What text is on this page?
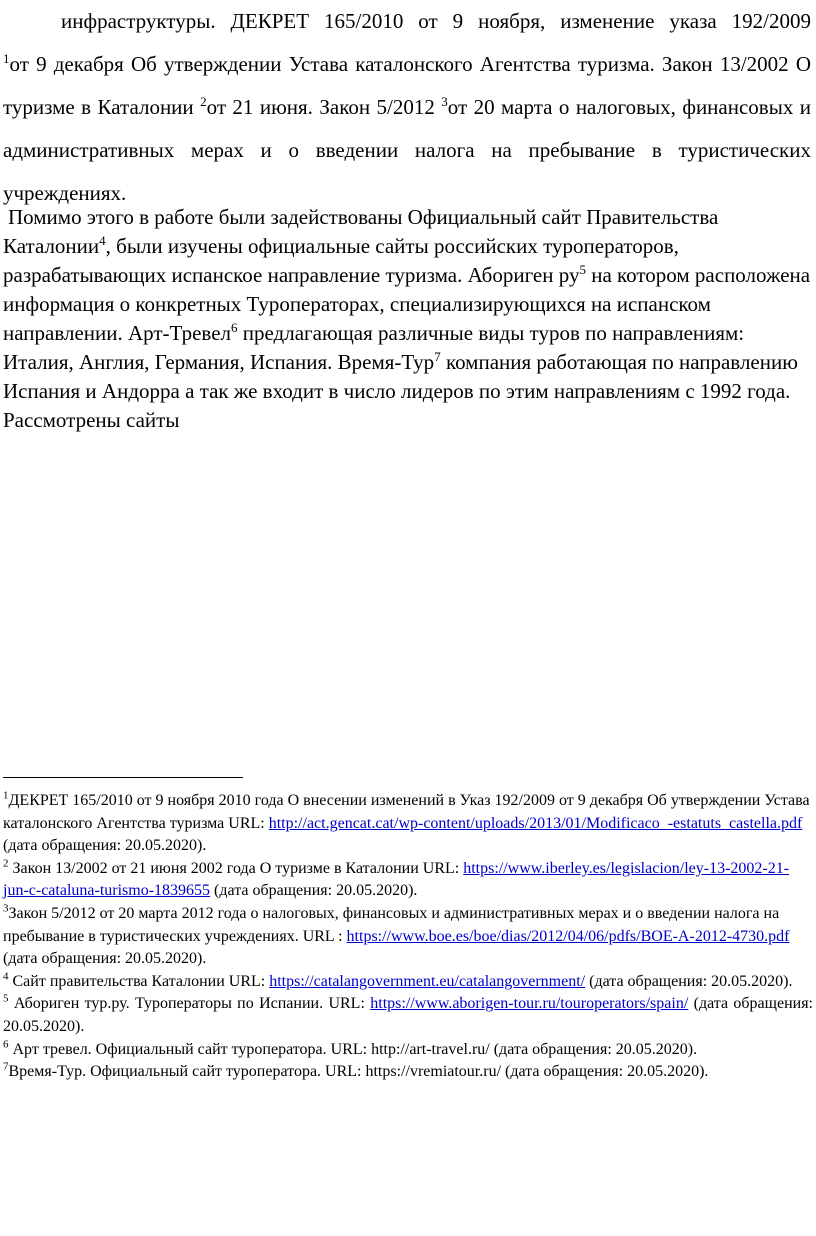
инфраструктуры. ДЕКРЕТ 165/2010 от 9 ноября, изменение указа 192/2009
$^1$от 9 декабря Об утверждении Устава каталонского Агентства туризма. Закон 13/2002 О туризме в Каталонии $^2$от 21 июня. Закон 5/2012 $^3$от 20 марта о налоговых, финансовых и административных мерах и о введении налога на пребывание в туристических учреждениях.

Помимо этого в работе были задействованы Официальный сайт Правительства Каталонии$^4$, были изучены официальные сайты российских туроператоров, разрабатывающих испанское направление туризма. Абориген $ру^5$ на котором расположена информация о конкретных Туроператорах, специализирующихся на испанском направлении. Арт-Тревел$^6$ предлагающая различные виды туров по направлениям: Италия, Англия, Германия, Испания. Время-Тур$^7$ компания работающая по направлению Испания и Андорра а так же входит в число лидеров по этим направлениям с 1992 года. Рассмотрены сайты

$^1$ДЕКРЕТ 165/2010 от 9 ноября 2010 года О внесении изменений в Указ 192/2009 от 9 декабря Об утверждении Устава каталонского Агентства туризма URL: http://act.gencat.cat/wp-content/uploads/2013/01/Modificaco_-estatuts_castella.pdf (дата обращения: 20.05.2020).

$^2$ Закон 13/2002 от 21 июня 2002 года О туризме в Каталонии URL: https://www.iberley.es/legislacion/ley-13-2002-21-jun-c-cataluna-turismo-1839655 (дата обращения: 20.05.2020).

$^3$Закон 5/2012 от 20 марта 2012 года о налоговых, финансовых и административных мерах и о введении налога на пребывание в туристических учреждениях. URL : https://www.boe.es/boe/dias/2012/04/06/pdfs/BOE-A-2012-4730.pdf (дата обращения: 20.05.2020).

$^4$ Сайт правительства Каталонии URL: https://catalangovernment.eu/catalangovernment/ (дата обращения: 20.05.2020).

$^5$ Абориген тур.ру. Туроператоры по Испании. URL: https://www.aborigen-tour.ru/touroperators/spain/ (дата обращения: 20.05.2020).

$^6$ Арт тревел. Официальный сайт туроператора. URL: http://art-travel.ru/ (дата обращения: 20.05.2020).

$^7$Время-Тур. Официальный сайт туроператора. URL: https://vremiatour.ru/ (дата обращения: 20.05.2020).
